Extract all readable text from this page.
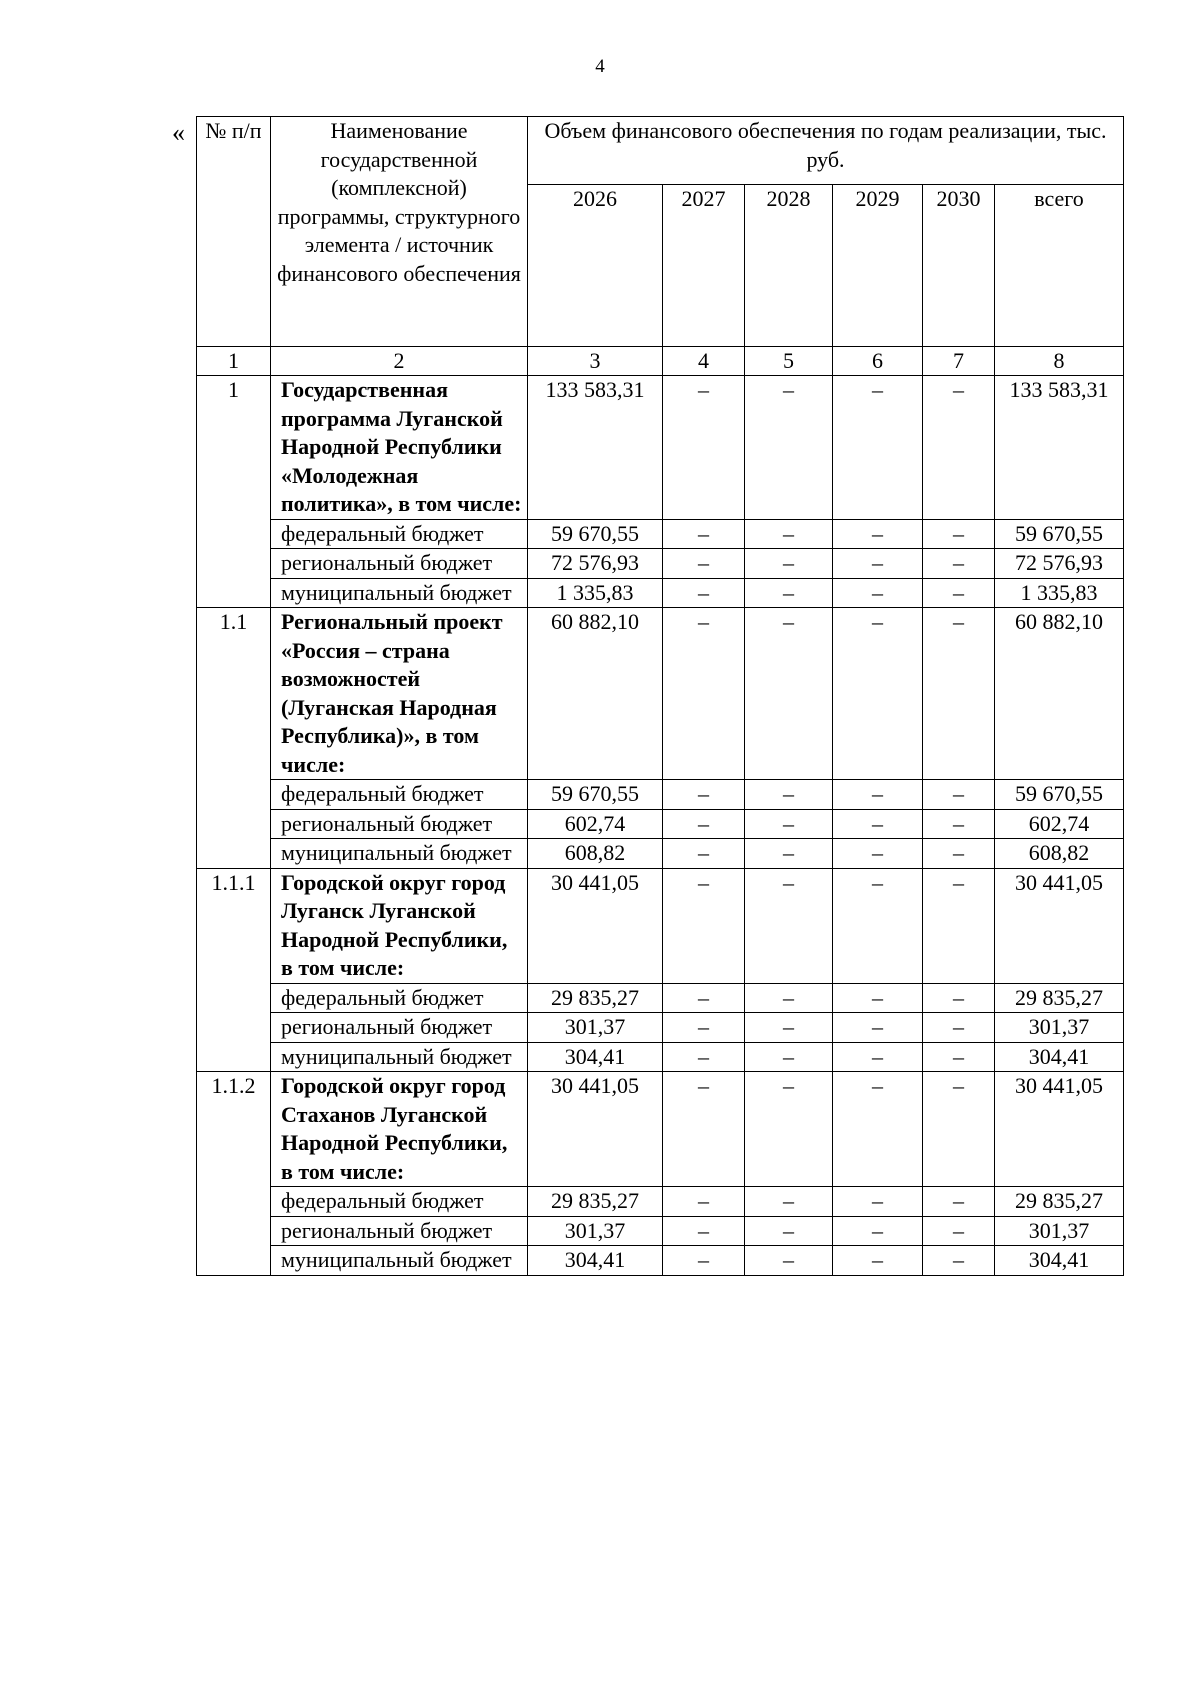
4
« № п/п	Наименование государственной (комплексной) программы, структурного элемента / источник финансового обеспечения	Объем финансового обеспечения по годам реализации, тыс. руб.					
		2026	2027	2028	2029	2030	всего
1	2	3	4	5	6	7	8
1	Государственная программа Луганской Народной Республики «Молодежная политика», в том числе:	133 583,31	–	–	–	–	133 583,31
	федеральный бюджет	59 670,55	–	–	–	–	59 670,55
	региональный бюджет	72 576,93	–	–	–	–	72 576,93
	муниципальный бюджет	1 335,83	–	–	–	–	1 335,83
1.1	Региональный проект «Россия – страна возможностей (Луганская Народная Республика)», в том числе:	60 882,10	–	–	–	–	60 882,10
	федеральный бюджет	59 670,55	–	–	–	–	59 670,55
	региональный бюджет	602,74	–	–	–	–	602,74
	муниципальный бюджет	608,82	–	–	–	–	608,82
1.1.1	Городской округ город Луганск Луганской Народной Республики, в том числе:	30 441,05	–	–	–	–	30 441,05
	федеральный бюджет	29 835,27	–	–	–	–	29 835,27
	региональный бюджет	301,37	–	–	–	–	301,37
	муниципальный бюджет	304,41	–	–	–	–	304,41
1.1.2	Городской округ город Стаханов Луганской Народной Республики, в том числе:	30 441,05	–	–	–	–	30 441,05
	федеральный бюджет	29 835,27	–	–	–	–	29 835,27
	региональный бюджет	301,37	–	–	–	–	301,37
	муниципальный бюджет	304,41	–	–	–	–	304,41
